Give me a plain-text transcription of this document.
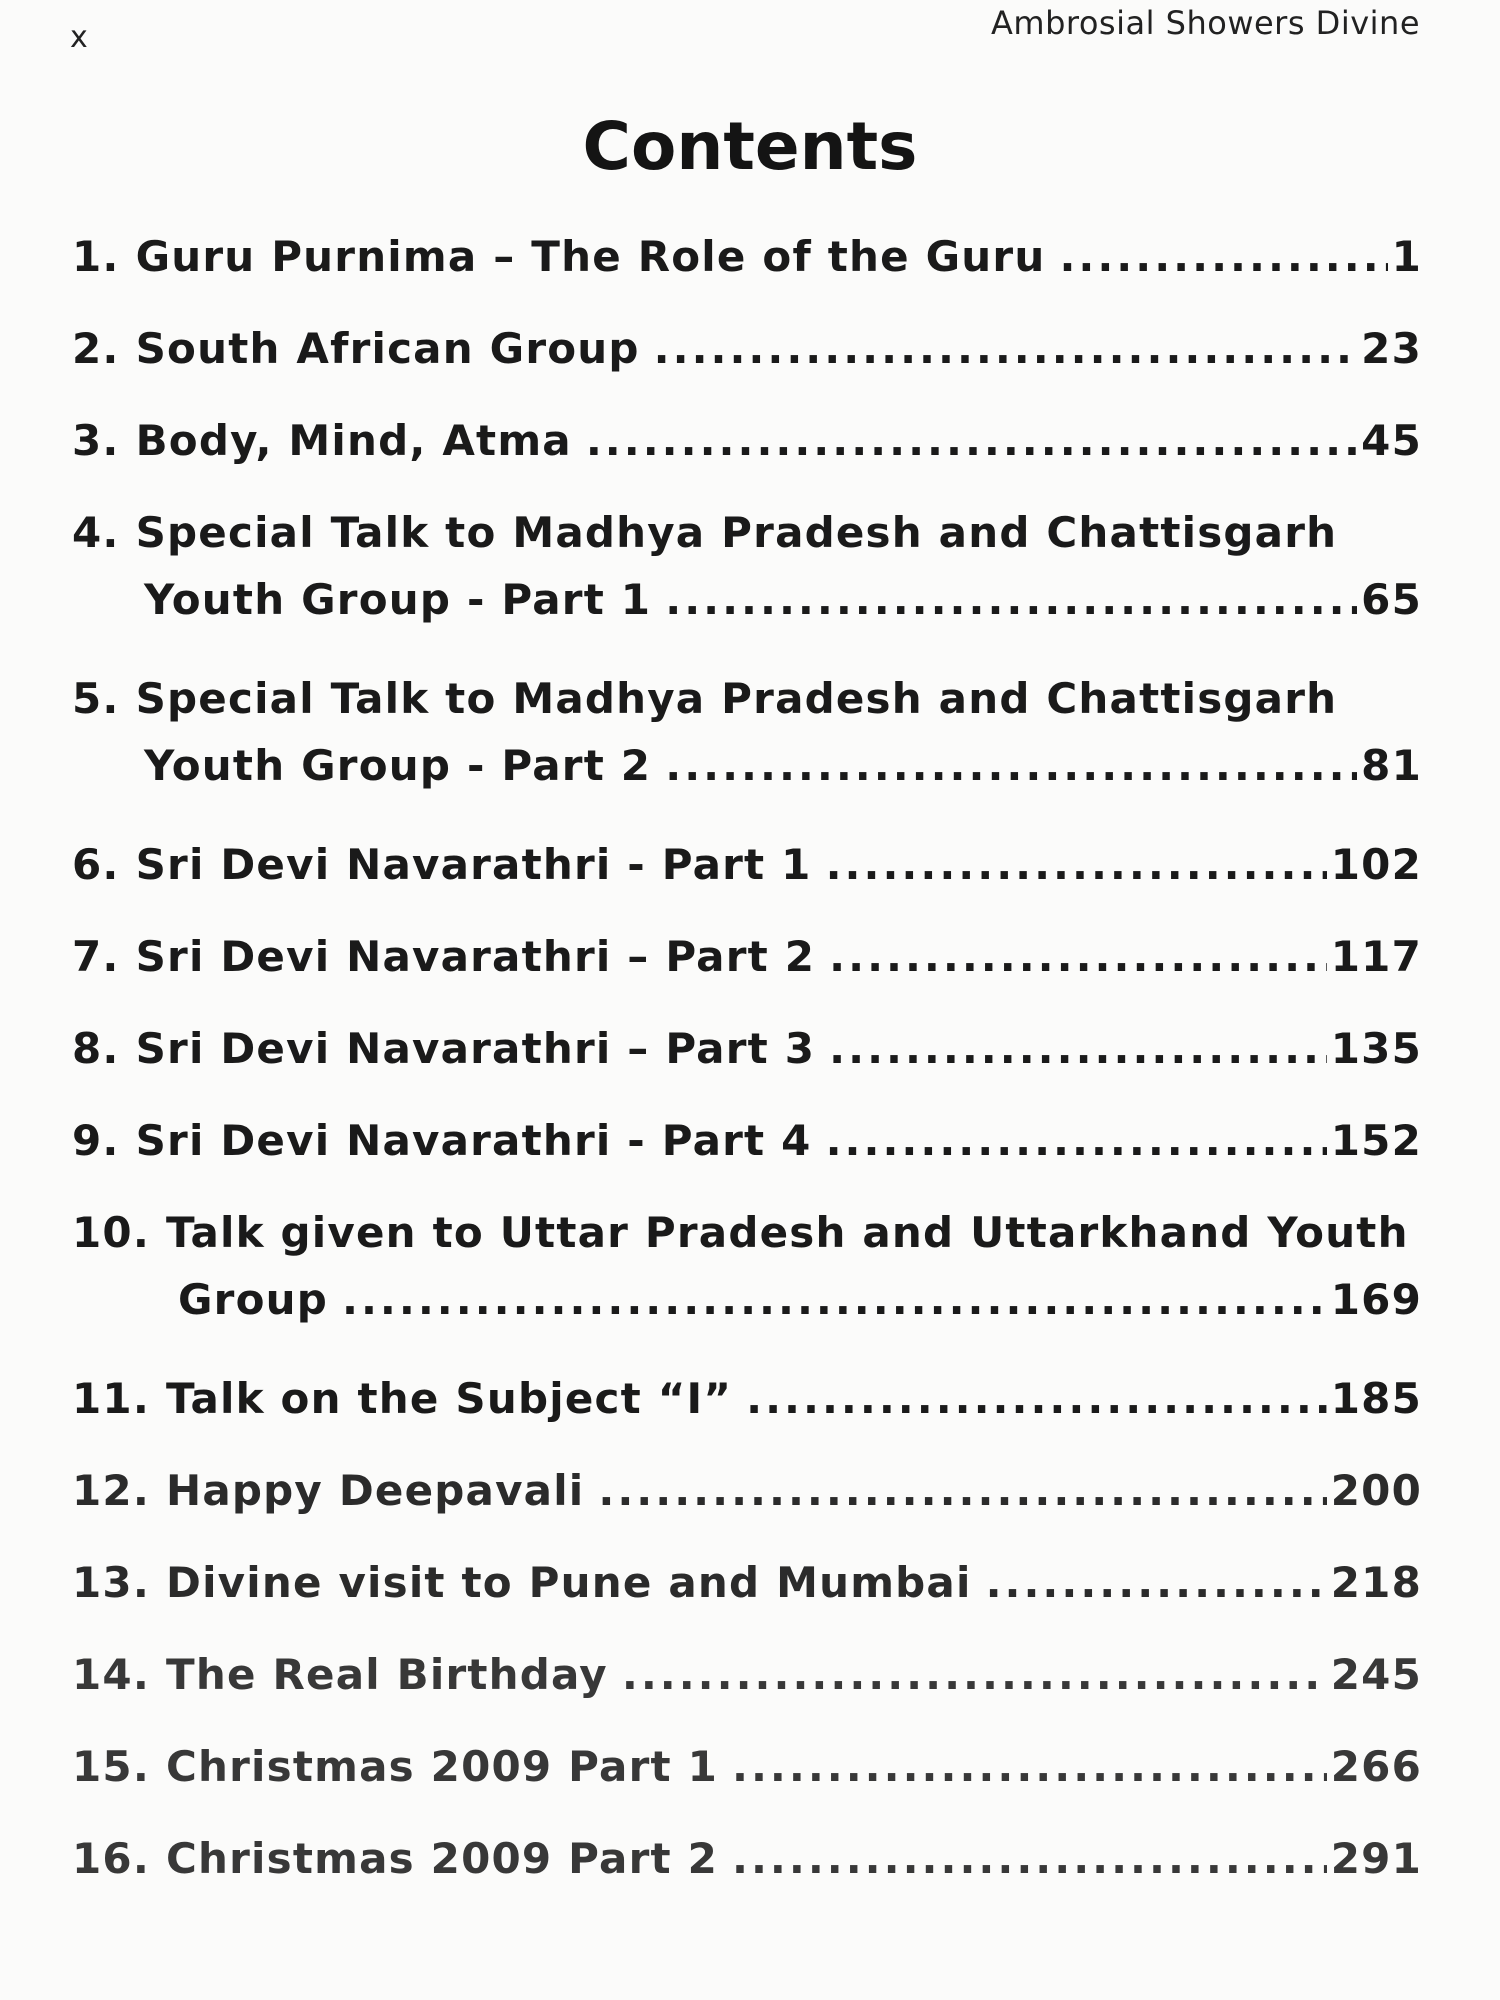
x	Ambrosial Showers Divine
Contents
1. Guru Purnima – The Role of the Guru .....	1
2. South African Group .....	23
3. Body, Mind, Atma .....	45
4. Special Talk to Madhya Pradesh and Chattisgarh
Youth Group - Part 1 .....	65
5. Special Talk to Madhya Pradesh and Chattisgarh
Youth Group - Part 2 .....	81
6. Sri Devi Navarathri - Part 1 .....	102
7. Sri Devi Navarathri – Part 2 .....	117
8. Sri Devi Navarathri – Part 3 .....	135
9. Sri Devi Navarathri - Part 4 .....	152
10. Talk given to Uttar Pradesh and Uttarkhand Youth
Group .....	169
11. Talk on the Subject “I” .....	185
12. Happy Deepavali .....	200
13. Divine visit to Pune and Mumbai .....	218
14. The Real Birthday .....	245
15. Christmas 2009 Part 1 .....	266
16. Christmas 2009 Part 2 .....	291
